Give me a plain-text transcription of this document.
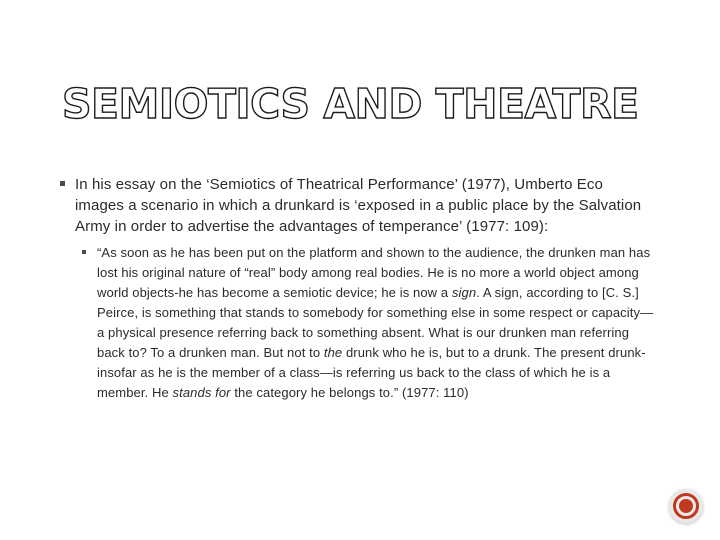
SEMIOTICS AND THEATRE
In his essay on the ‘Semiotics of Theatrical Performance’ (1977), Umberto Eco images a scenario in which a drunkard is ‘exposed in a public place by the Salvation Army in order to advertise the advantages of temperance’ (1977: 109):
“As soon as he has been put on the platform and shown to the audience, the drunken man has lost his original nature of “real” body among real bodies. He is no more a world object among world objects-he has become a semiotic device; he is now a sign. A sign, according to [C. S.] Peirce, is something that stands to somebody for something else in some respect or capacity—a physical presence referring back to something absent. What is our drunken man referring back to? To a drunken man. But not to the drunk who he is, but to a drunk. The present drunk-insofar as he is the member of a class—is referring us back to the class of which he is a member. He stands for the category he belongs to.” (1977: 110)
